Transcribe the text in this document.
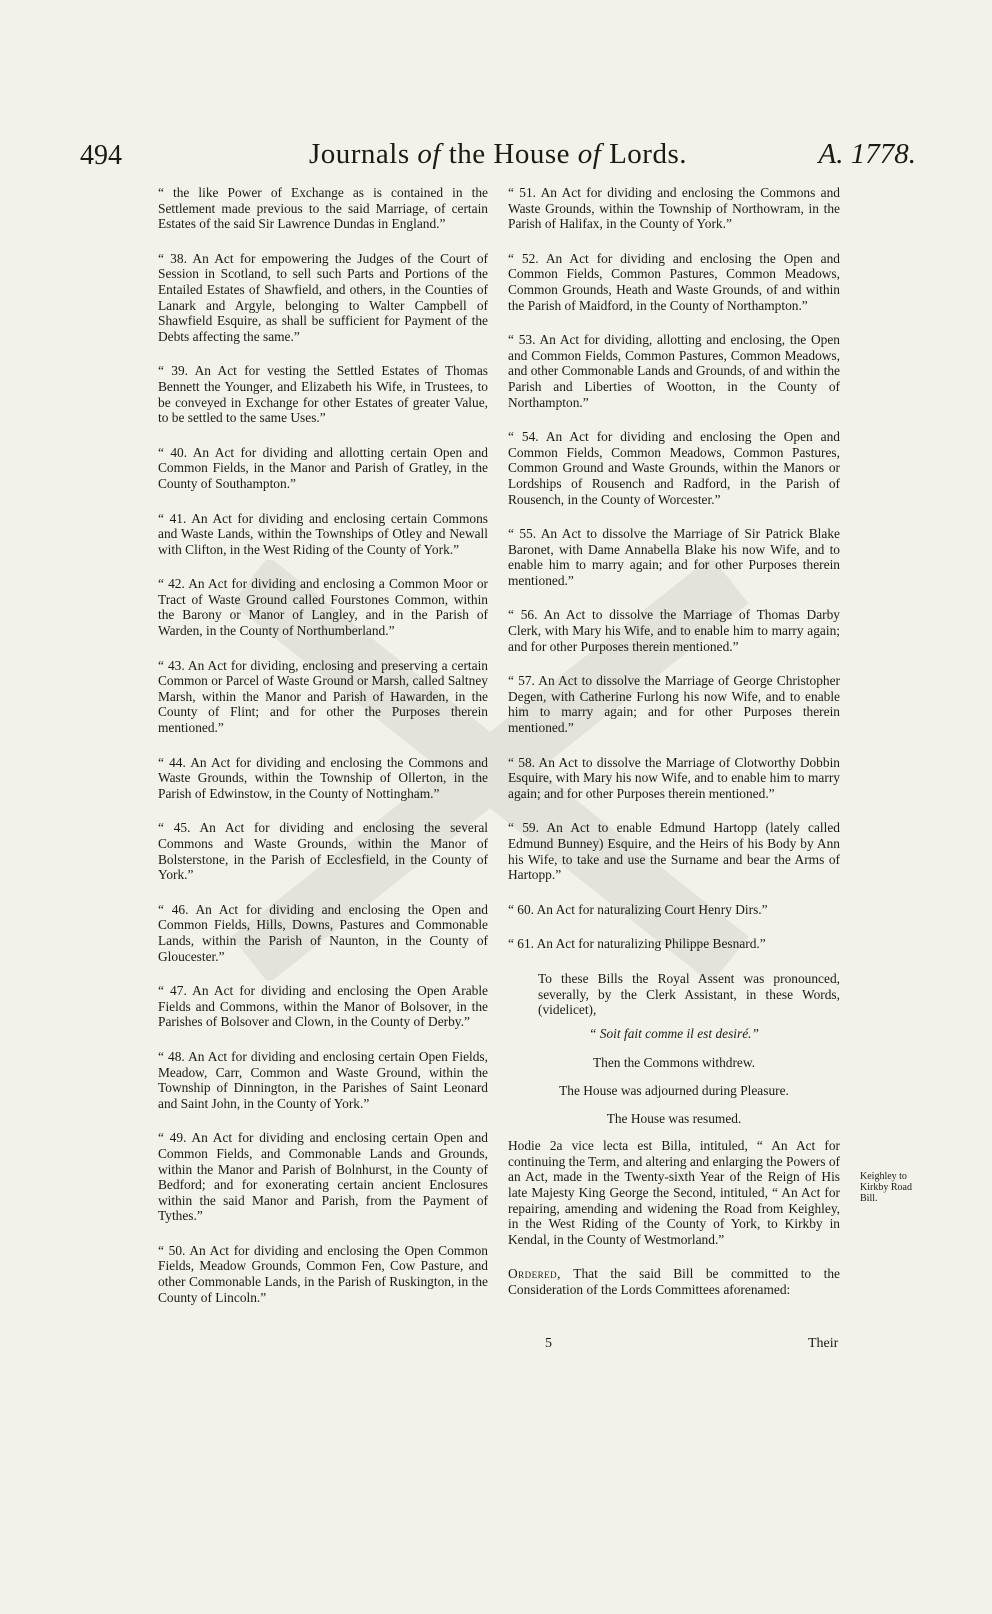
494	Journals of the House of Lords.	A. 1778.

“ the like Power of Exchange as is contained in the Settlement made previous to the said Marriage, of certain Estates of the said Sir Lawrence Dundas in England.”

“ 38. An Act for empowering the Judges of the Court of Session in Scotland, to sell such Parts and Portions of the Entailed Estates of Shawfield, and others, in the Counties of Lanark and Argyle, belonging to Walter Campbell of Shawfield Esquire, as shall be sufficient for Payment of the Debts affecting the same.”

“ 39. An Act for vesting the Settled Estates of Thomas Bennett the Younger, and Elizabeth his Wife, in Trustees, to be conveyed in Exchange for other Estates of greater Value, to be settled to the same Uses.”

“ 40. An Act for dividing and allotting certain Open and Common Fields, in the Manor and Parish of Gratley, in the County of Southampton.”

“ 41. An Act for dividing and enclosing certain Commons and Waste Lands, within the Townships of Otley and Newall with Clifton, in the West Riding of the County of York.”

“ 42. An Act for dividing and enclosing a Common Moor or Tract of Waste Ground called Fourstones Common, within the Barony or Manor of Langley, and in the Parish of Warden, in the County of Northumberland.”

“ 43. An Act for dividing, enclosing and preserving a certain Common or Parcel of Waste Ground or Marsh, called Saltney Marsh, within the Manor and Parish of Hawarden, in the County of Flint; and for other the Purposes therein mentioned.”

“ 44. An Act for dividing and enclosing the Commons and Waste Grounds, within the Township of Ollerton, in the Parish of Edwinstow, in the County of Nottingham.”

“ 45. An Act for dividing and enclosing the several Commons and Waste Grounds, within the Manor of Bolsterstone, in the Parish of Ecclesfield, in the County of York.”

“ 46. An Act for dividing and enclosing the Open and Common Fields, Hills, Downs, Pastures and Commonable Lands, within the Parish of Naunton, in the County of Gloucester.”

“ 47. An Act for dividing and enclosing the Open Arable Fields and Commons, within the Manor of Bolsover, in the Parishes of Bolsover and Clown, in the County of Derby.”

“ 48. An Act for dividing and enclosing certain Open Fields, Meadow, Carr, Common and Waste Ground, within the Township of Dinnington, in the Parishes of Saint Leonard and Saint John, in the County of York.”

“ 49. An Act for dividing and enclosing certain Open and Common Fields, and Commonable Lands and Grounds, within the Manor and Parish of Bolnhurst, in the County of Bedford; and for exonerating certain ancient Enclosures within the said Manor and Parish, from the Payment of Tythes.”

“ 50. An Act for dividing and enclosing the Open Common Fields, Meadow Grounds, Common Fen, Cow Pasture, and other Commonable Lands, in the Parish of Ruskington, in the County of Lincoln.”

“ 51. An Act for dividing and enclosing the Commons and Waste Grounds, within the Township of Northowram, in the Parish of Halifax, in the County of York.”

“ 52. An Act for dividing and enclosing the Open and Common Fields, Common Pastures, Common Meadows, Common Grounds, Heath and Waste Grounds, of and within the Parish of Maidford, in the County of Northampton.”

“ 53. An Act for dividing, allotting and enclosing, the Open and Common Fields, Common Pastures, Common Meadows, and other Commonable Lands and Grounds, of and within the Parish and Liberties of Wootton, in the County of Northampton.”

“ 54. An Act for dividing and enclosing the Open and Common Fields, Common Meadows, Common Pastures, Common Ground and Waste Grounds, within the Manors or Lordships of Rousench and Radford, in the Parish of Rousench, in the County of Worcester.”

“ 55. An Act to dissolve the Marriage of Sir Patrick Blake Baronet, with Dame Annabella Blake his now Wife, and to enable him to marry again; and for other Purposes therein mentioned.”

“ 56. An Act to dissolve the Marriage of Thomas Darby Clerk, with Mary his Wife, and to enable him to marry again; and for other Purposes therein mentioned.”

“ 57. An Act to dissolve the Marriage of George Christopher Degen, with Catherine Furlong his now Wife, and to enable him to marry again; and for other Purposes therein mentioned.”

“ 58. An Act to dissolve the Marriage of Clotworthy Dobbin Esquire, with Mary his now Wife, and to enable him to marry again; and for other Purposes therein mentioned.”

“ 59. An Act to enable Edmund Hartopp (lately called Edmund Bunney) Esquire, and the Heirs of his Body by Ann his Wife, to take and use the Surname and bear the Arms of Hartopp.”

“ 60. An Act for naturalizing Court Henry Dirs.”

“ 61. An Act for naturalizing Philippe Besnard.”

To these Bills the Royal Assent was pronounced, severally, by the Clerk Assistant, in these Words, (videlicet),

“ Soit fait comme il est desiré.”

Then the Commons withdrew.

The House was adjourned during Pleasure.

The House was resumed.

Hodie 2a vice lecta est Billa, intituled, “ An Act for continuing the Term, and altering and enlarging the Powers of an Act, made in the Twenty-sixth Year of the Reign of His late Majesty King George the Second, intituled, “ An Act for repairing, amending and widening the Road from Keighley, in the West Riding of the County of York, to Kirkby in Kendal, in the County of Westmorland.”

Ordered, That the said Bill be committed to the Consideration of the Lords Committees aforenamed:

Keighley to Kirkby Road Bill.
5	Their
